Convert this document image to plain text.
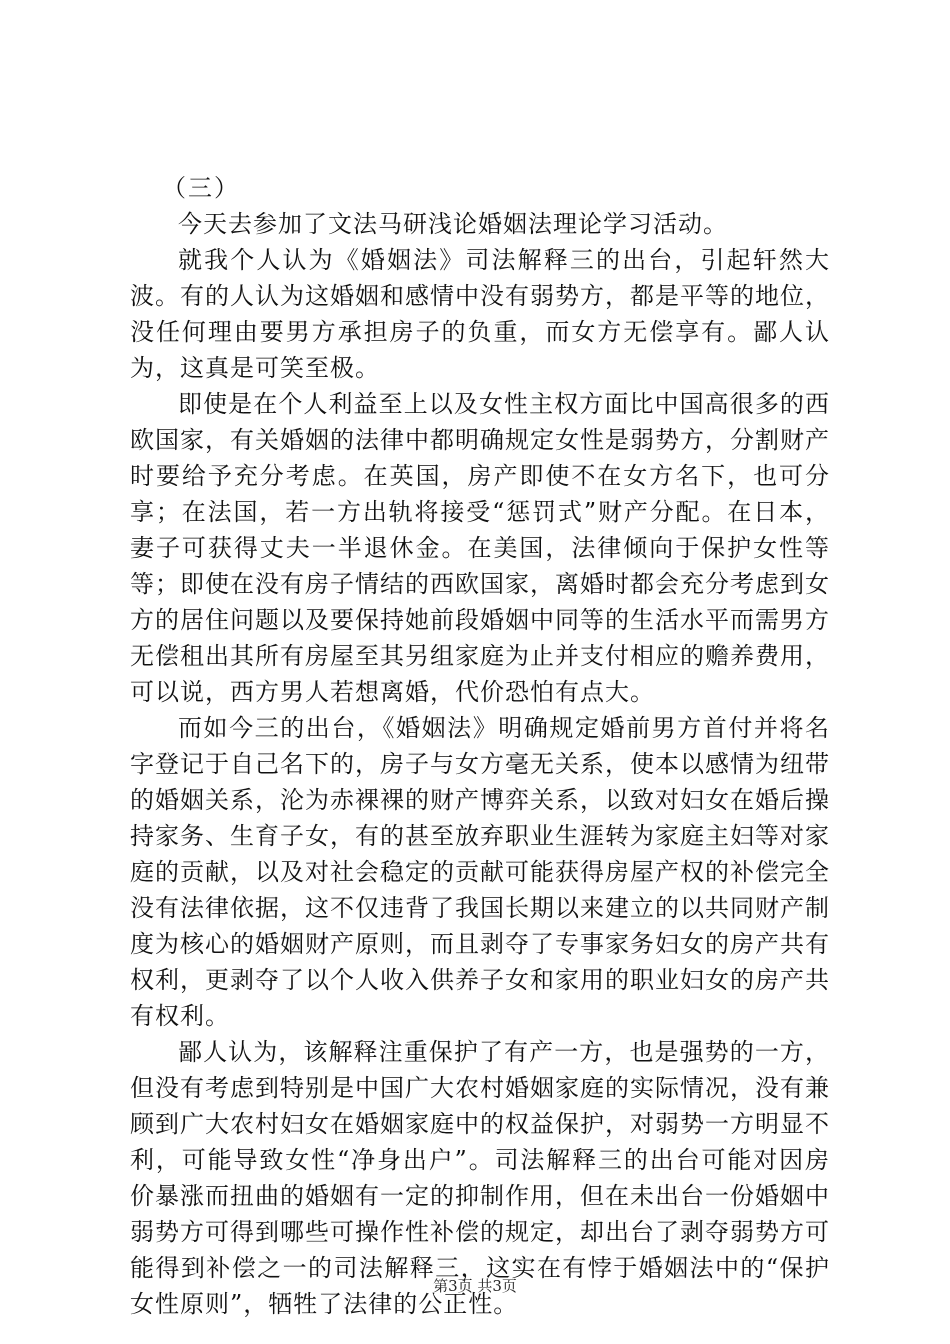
（三）

今天去参加了文法马研浅论婚姻法理论学习活动。

就我个人认为《婚姻法》司法解释三的出台，引起轩然大波。有的人认为这婚姻和感情中没有弱势方，都是平等的地位，没任何理由要男方承担房子的负重，而女方无偿享有。鄙人认为，这真是可笑至极。

即使是在个人利益至上以及女性主权方面比中国高很多的西欧国家，有关婚姻的法律中都明确规定女性是弱势方，分割财产时要给予充分考虑。在英国，房产即使不在女方名下，也可分享；在法国，若一方出轨将接受“惩罚式”财产分配。在日本，妻子可获得丈夫一半退休金。在美国，法律倾向于保护女性等等；即使在没有房子情结的西欧国家，离婚时都会充分考虑到女方的居住问题以及要保持她前段婚姻中同等的生活水平而需男方无偿租出其所有房屋至其另组家庭为止并支付相应的赡养费用，可以说，西方男人若想离婚，代价恐怕有点大。

而如今三的出台，《婚姻法》明确规定婚前男方首付并将名字登记于自己名下的，房子与女方毫无关系，使本以感情为纽带的婚姻关系，沦为赤裸裸的财产博弈关系，以致对妇女在婚后操持家务、生育子女，有的甚至放弃职业生涯转为家庭主妇等对家庭的贡献，以及对社会稳定的贡献可能获得房屋产权的补偿完全没有法律依据，这不仅违背了我国长期以来建立的以共同财产制度为核心的婚姻财产原则，而且剥夺了专事家务妇女的房产共有权利，更剥夺了以个人收入供养子女和家用的职业妇女的房产共有权利。

鄙人认为，该解释注重保护了有产一方，也是强势的一方，但没有考虑到特别是中国广大农村婚姻家庭的实际情况，没有兼顾到广大农村妇女在婚姻家庭中的权益保护，对弱势一方明显不利，可能导致女性“净身出户”。司法解释三的出台可能对因房价暴涨而扭曲的婚姻有一定的抑制作用，但在未出台一份婚姻中弱势方可得到哪些可操作性补偿的规定，却出台了剥夺弱势方可能得到补偿之一的司法解释三，这实在有悖于婚姻法中的“保护女性原则”，牺牲了法律的公正性。

第3页 共3页
